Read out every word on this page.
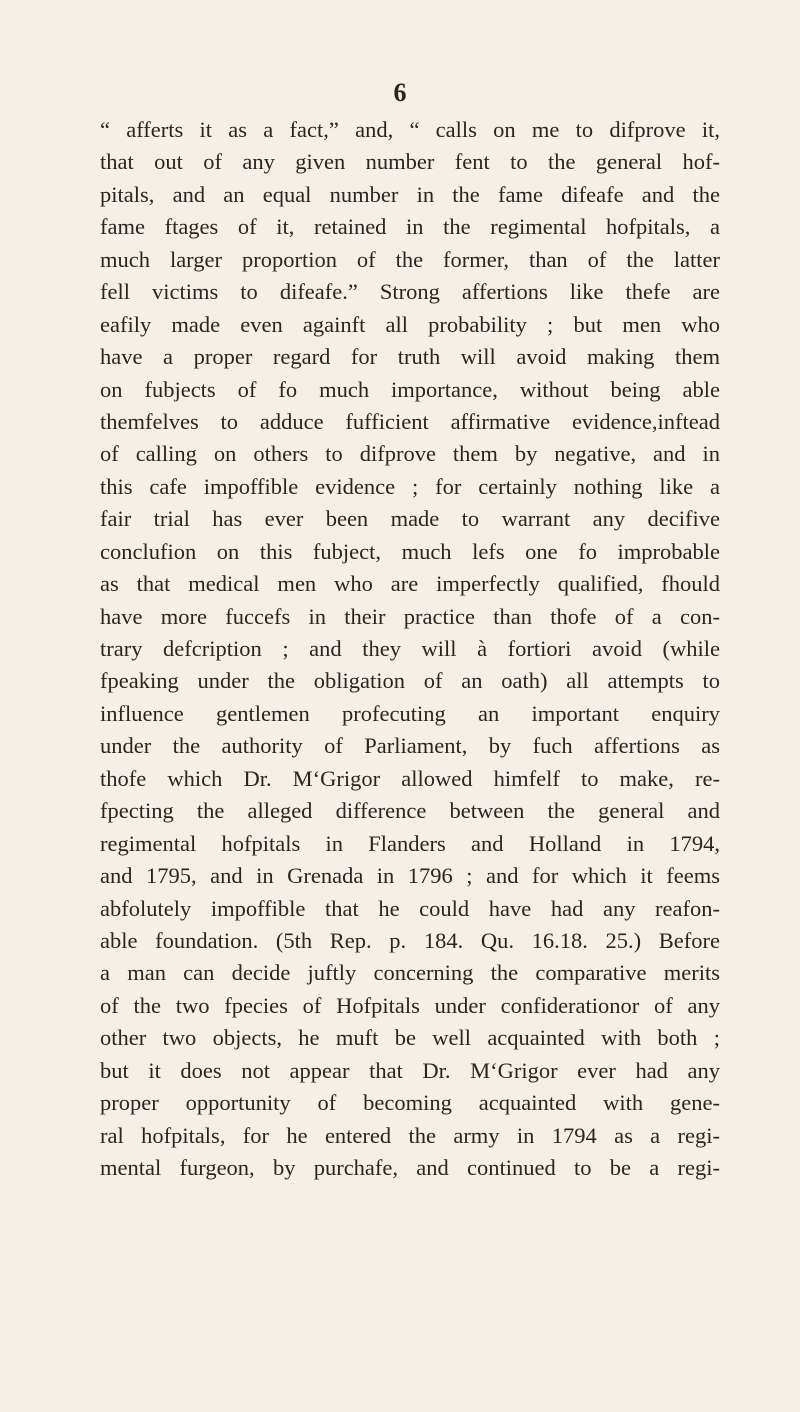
6
“ afferts it as a fact,” and, “ calls on me to difprove it,
that out of any given number fent to the general hof-
pitals, and an equal number in the fame difeafe and the
fame ftages of it, retained in the regimental hofpitals, a
much larger proportion of the former, than of the latter
fell victims to difeafe.” Strong affertions like thefe are
eafily made even againft all probability ; but men who
have a proper regard for truth will avoid making them
on fubjects of fo much importance, without being able
themfelves to adduce fufficient affirmative evidence,inftead
of calling on others to difprove them by negative, and in
this cafe impoffible evidence ; for certainly nothing like a
fair trial has ever been made to warrant any decifive
conclufion on this fubject, much lefs one fo improbable
as that medical men who are imperfectly qualified, fhould
have more fuccefs in their practice than thofe of a con-
trary defcription ; and they will à fortiori avoid (while
fpeaking under the obligation of an oath) all attempts to
influence gentlemen profecuting an important enquiry
under the authority of Parliament, by fuch affertions as
thofe which Dr. M‘Grigor allowed himfelf to make, re-
fpecting the alleged difference between the general and
regimental hofpitals in Flanders and Holland in 1794,
and 1795, and in Grenada in 1796 ; and for which it feems
abfolutely impoffible that he could have had any reafon-
able foundation. (5th Rep. p. 184. Qu. 16.18. 25.) Before
a man can decide juftly concerning the comparative merits
of the two fpecies of Hofpitals under confiderationor of any
other two objects, he muft be well acquainted with both ;
but it does not appear that Dr. M‘Grigor ever had any
proper opportunity of becoming acquainted with gene-
ral hofpitals, for he entered the army in 1794 as a regi-
mental furgeon, by purchafe, and continued to be a regi-
